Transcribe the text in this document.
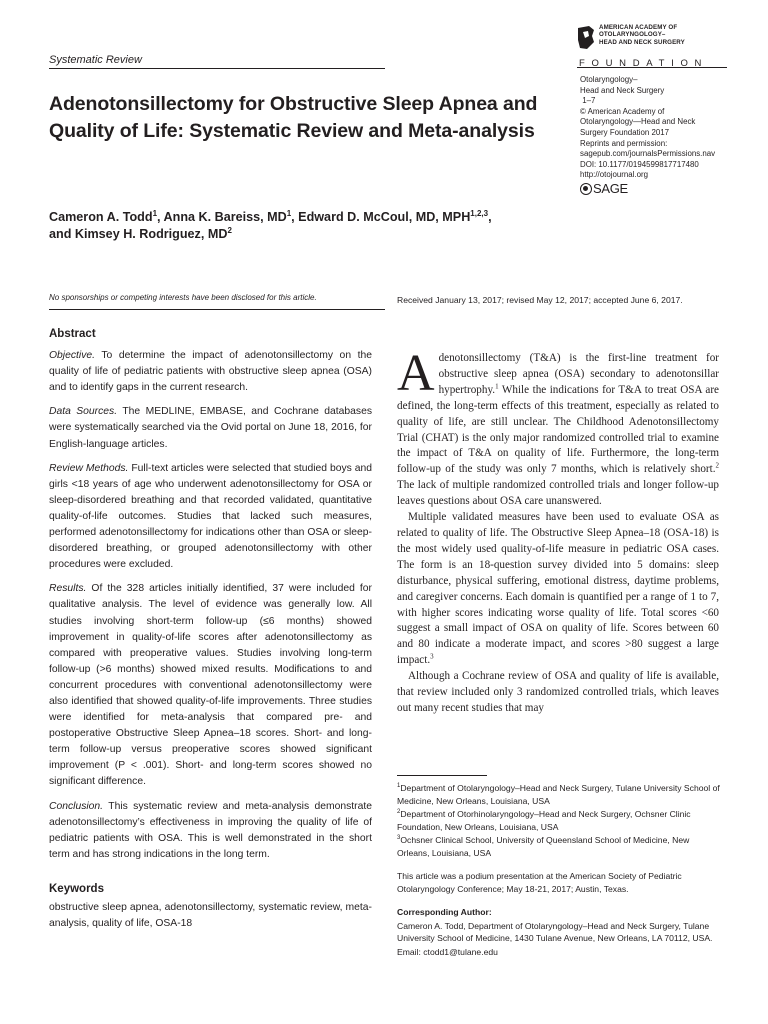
Systematic Review
AMERICAN ACADEMY OF
OTOLARYNGOLOGY–
HEAD AND NECK SURGERY
FOUNDATION
Otolaryngology–
Head and Neck Surgery
1–7
© American Academy of
Otolaryngology—Head and Neck
Surgery Foundation 2017
Reprints and permission:
sagepub.com/journalsPermissions.nav
DOI: 10.1177/0194599817717480
http://otojournal.org
SAGE
Adenotonsillectomy for Obstructive Sleep Apnea and Quality of Life: Systematic Review and Meta-analysis
Cameron A. Todd$^1$, Anna K. Bareiss, $MD^1$, Edward D. McCoul, MD, MPH$^{1,2,3}$,
and Kimsey H. Rodriguez, $MD^2$
No sponsorships or competing interests have been disclosed for this article.	Received January 13, 2017; revised May 12, 2017; accepted June 6, 2017.
Abstract
Objective. To determine the impact of adenotonsillectomy on the quality of life of pediatric patients with obstructive sleep apnea (OSA) and to identify gaps in the current research.
Data Sources. The MEDLINE, EMBASE, and Cochrane databases were systematically searched via the Ovid portal on June 18, 2016, for English-language articles.
Review Methods. Full-text articles were selected that studied boys and girls <18 years of age who underwent adenotonsillectomy for OSA or sleep-disordered breathing and that recorded validated, quantitative quality-of-life outcomes. Studies that lacked such measures, performed adenotonsillectomy for indications other than OSA or sleep-disordered breathing, or grouped adenotonsillectomy with other procedures were excluded.
Results. Of the 328 articles initially identified, 37 were included for qualitative analysis. The level of evidence was generally low. All studies involving short-term follow-up (≤6 months) showed improvement in quality-of-life scores after adenotonsillectomy as compared with preoperative values. Studies involving long-term follow-up (>6 months) showed mixed results. Modifications to and concurrent procedures with conventional adenotonsillectomy were also identified that showed quality-of-life improvements. Three studies were identified for meta-analysis that compared pre- and postoperative Obstructive Sleep Apnea–18 scores. Short- and long-term follow-up versus preoperative scores showed significant improvement (P < .001). Short- and long-term scores showed no significant difference.
Conclusion. This systematic review and meta-analysis demonstrate adenotonsillectomy’s effectiveness in improving the quality of life of pediatric patients with OSA. This is well demonstrated in the short term and has strong indications in the long term.
Keywords
obstructive sleep apnea, adenotonsillectomy, systematic review, meta-analysis, quality of life, OSA-18

Adenotonsillectomy (T&A) is the first-line treatment for obstructive sleep apnea (OSA) secondary to adenotonsillar hypertrophy.$^1$ While the indications for T&A to treat OSA are defined, the long-term effects of this treatment, especially as related to quality of life, are still unclear. The Childhood Adenotonsillectomy Trial (CHAT) is the only major randomized controlled trial to examine the impact of T&A on quality of life. Furthermore, the long-term follow-up of the study was only 7 months, which is relatively short.$^2$ The lack of multiple randomized controlled trials and longer follow-up leaves questions about OSA care unanswered.

Multiple validated measures have been used to evaluate OSA as related to quality of life. The Obstructive Sleep Apnea–18 (OSA-18) is the most widely used quality-of-life measure in pediatric OSA cases. The form is an 18-question survey divided into 5 domains: sleep disturbance, physical suffering, emotional distress, daytime problems, and caregiver concerns. Each domain is quantified per a range of 1 to 7, with higher scores indicating worse quality of life. Total scores <60 suggest a small impact of OSA on quality of life. Scores between 60 and 80 indicate a moderate impact, and scores >80 suggest a large impact.$^3$

Although a Cochrane review of OSA and quality of life is available, that review included only 3 randomized controlled trials, which leaves out many recent studies that may

$^1$Department of Otolaryngology–Head and Neck Surgery, Tulane University School of Medicine, New Orleans, Louisiana, USA
$^2$Department of Otorhinolaryngology–Head and Neck Surgery, Ochsner Clinic Foundation, New Orleans, Louisiana, USA
$^3$Ochsner Clinical School, University of Queensland School of Medicine, New Orleans, Louisiana, USA
This article was a podium presentation at the American Society of Pediatric Otolaryngology Conference; May 18-21, 2017; Austin, Texas.
Corresponding Author:
Cameron A. Todd, Department of Otolaryngology–Head and Neck Surgery, Tulane University School of Medicine, 1430 Tulane Avenue, New Orleans, LA 70112, USA.
Email: ctodd1@tulane.edu
